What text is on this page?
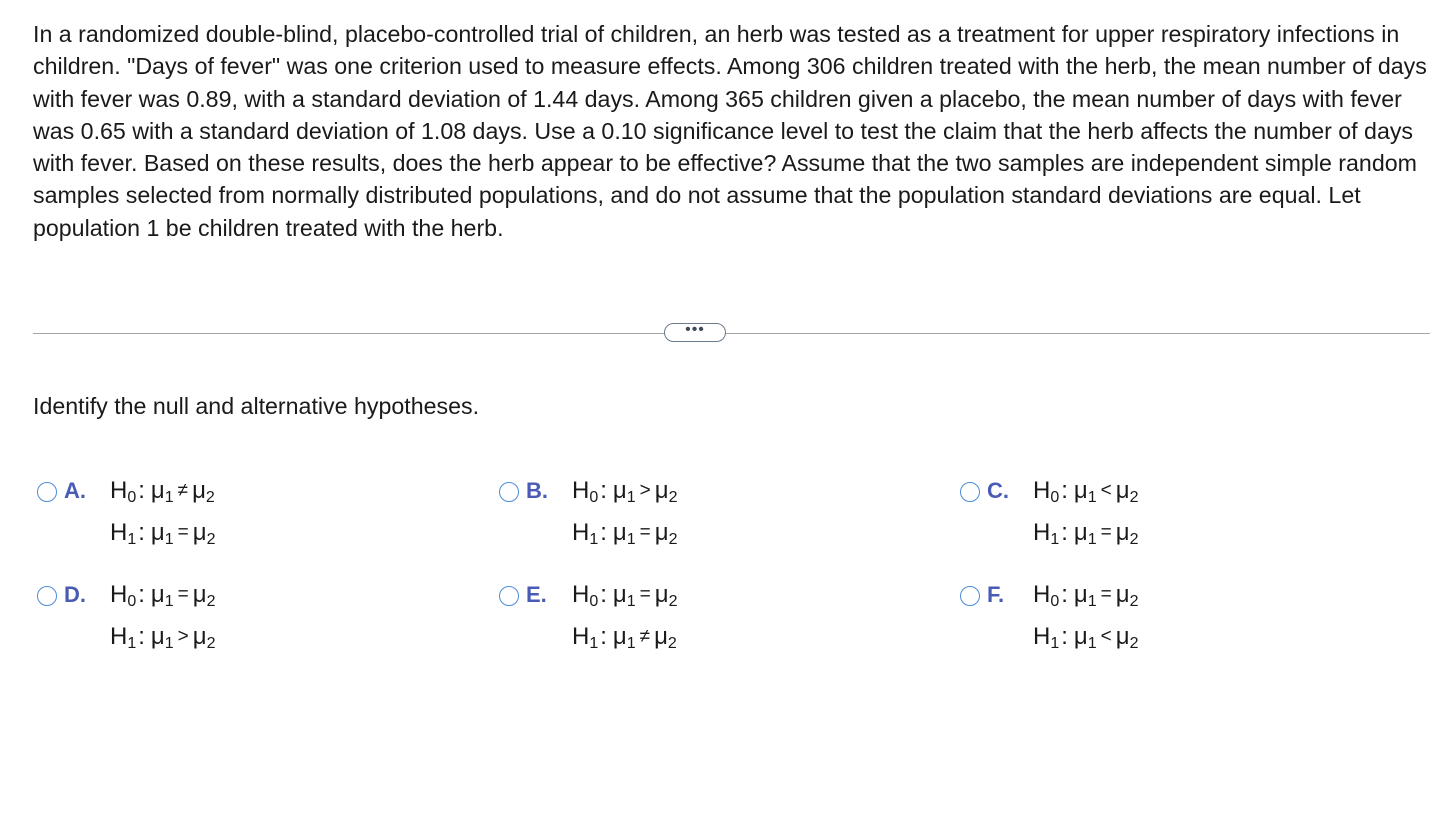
In a randomized double-blind, placebo-controlled trial of children, an herb was tested as a treatment for upper respiratory infections in children. "Days of fever" was one criterion used to measure effects. Among 306 children treated with the herb, the mean number of days with fever was 0.89, with a standard deviation of 1.44 days. Among 365 children given a placebo, the mean number of days with fever was 0.65 with a standard deviation of 1.08 days. Use a 0.10 significance level to test the claim that the herb affects the number of days with fever. Based on these results, does the herb appear to be effective? Assume that the two samples are independent simple random samples selected from normally distributed populations, and do not assume that the population standard deviations are equal. Let population 1 be children treated with the herb.

•••

Identify the null and alternative hypotheses.

A. $H_0$: $\mu_1 \ne \mu_2$
$H_1$: $\mu_1 = \mu_2$
B. $H_0$: $\mu_1 > \mu_2$
$H_1$: $\mu_1 = \mu_2$
C. $H_0$: $\mu_1 < \mu_2$
$H_1$: $\mu_1 = \mu_2$
D. $H_0$: $\mu_1 = \mu_2$
$H_1$: $\mu_1 > \mu_2$
E. $H_0$: $\mu_1 = \mu_2$
$H_1$: $\mu_1 \ne \mu_2$
F. $H_0$: $\mu_1 = \mu_2$
$H_1$: $\mu_1 < \mu_2$
